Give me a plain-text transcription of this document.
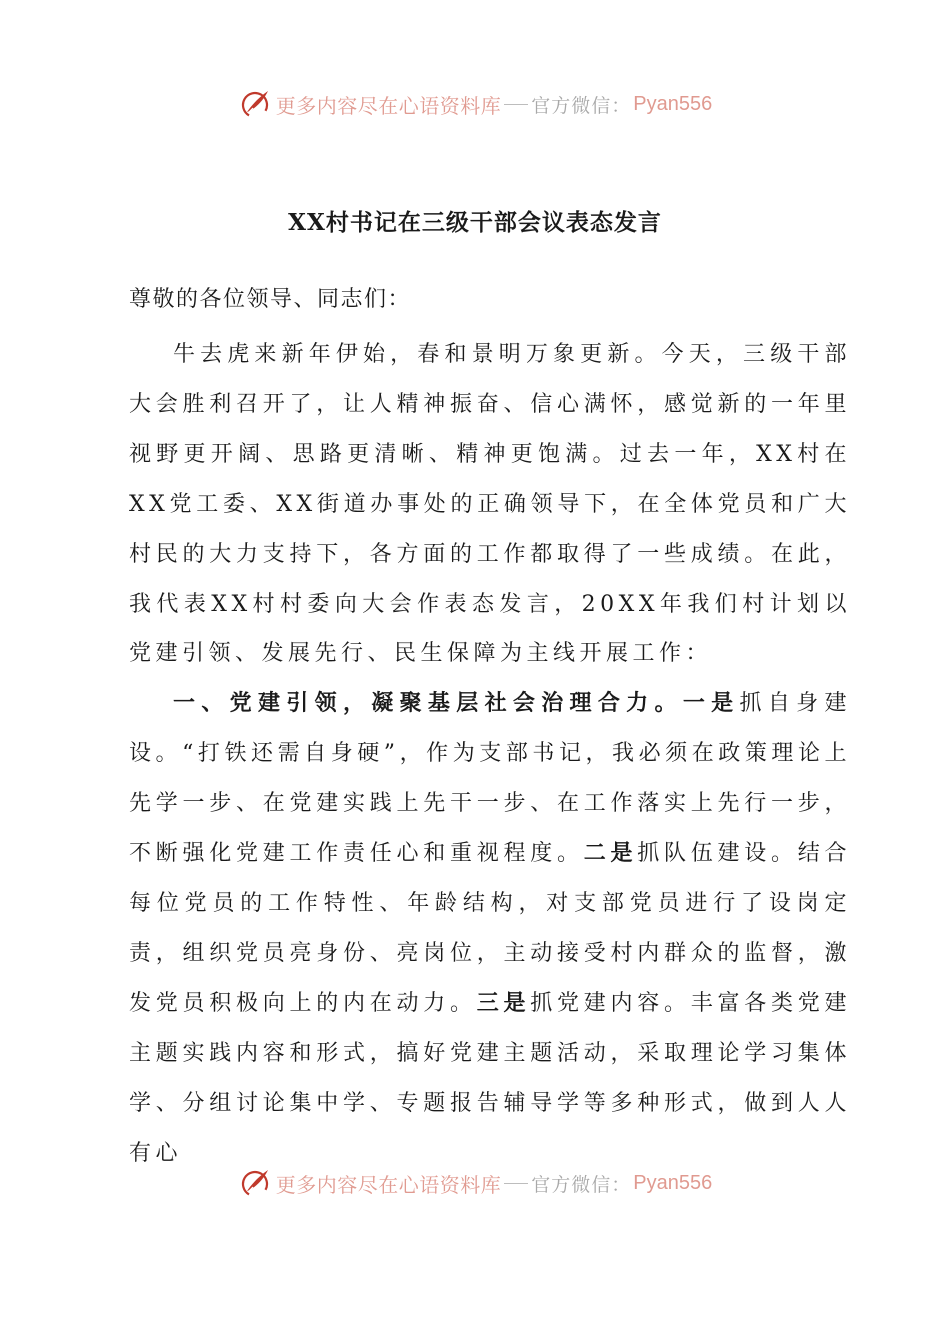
更多内容尽在心语资料库 官方微信： Pyan556
XX村书记在三级干部会议表态发言

尊敬的各位领导、同志们：

牛去虎来新年伊始，春和景明万象更新。今天，三级干部大会胜利召开了，让人精神振奋、信心满怀，感觉新的一年里视野更开阔、思路更清晰、精神更饱满。过去一年，XX村在XX党工委、XX街道办事处的正确领导下，在全体党员和广大村民的大力支持下，各方面的工作都取得了一些成绩。在此，我代表XX村村委向大会作表态发言，20XX年我们村计划以党建引领、发展先行、民生保障为主线开展工作：

一、党建引领，凝聚基层社会治理合力。一是抓自身建设。“打铁还需自身硬”，作为支部书记，我必须在政策理论上先学一步、在党建实践上先干一步、在工作落实上先行一步，不断强化党建工作责任心和重视程度。二是抓队伍建设。结合每位党员的工作特性、年龄结构，对支部党员进行了设岗定责，组织党员亮身份、亮岗位，主动接受村内群众的监督，激发党员积极向上的内在动力。三是抓党建内容。丰富各类党建主题实践内容和形式，搞好党建主题活动，采取理论学习集体学、分组讨论集中学、专题报告辅导学等多种形式，做到人人有心

更多内容尽在心语资料库 官方微信： Pyan556
